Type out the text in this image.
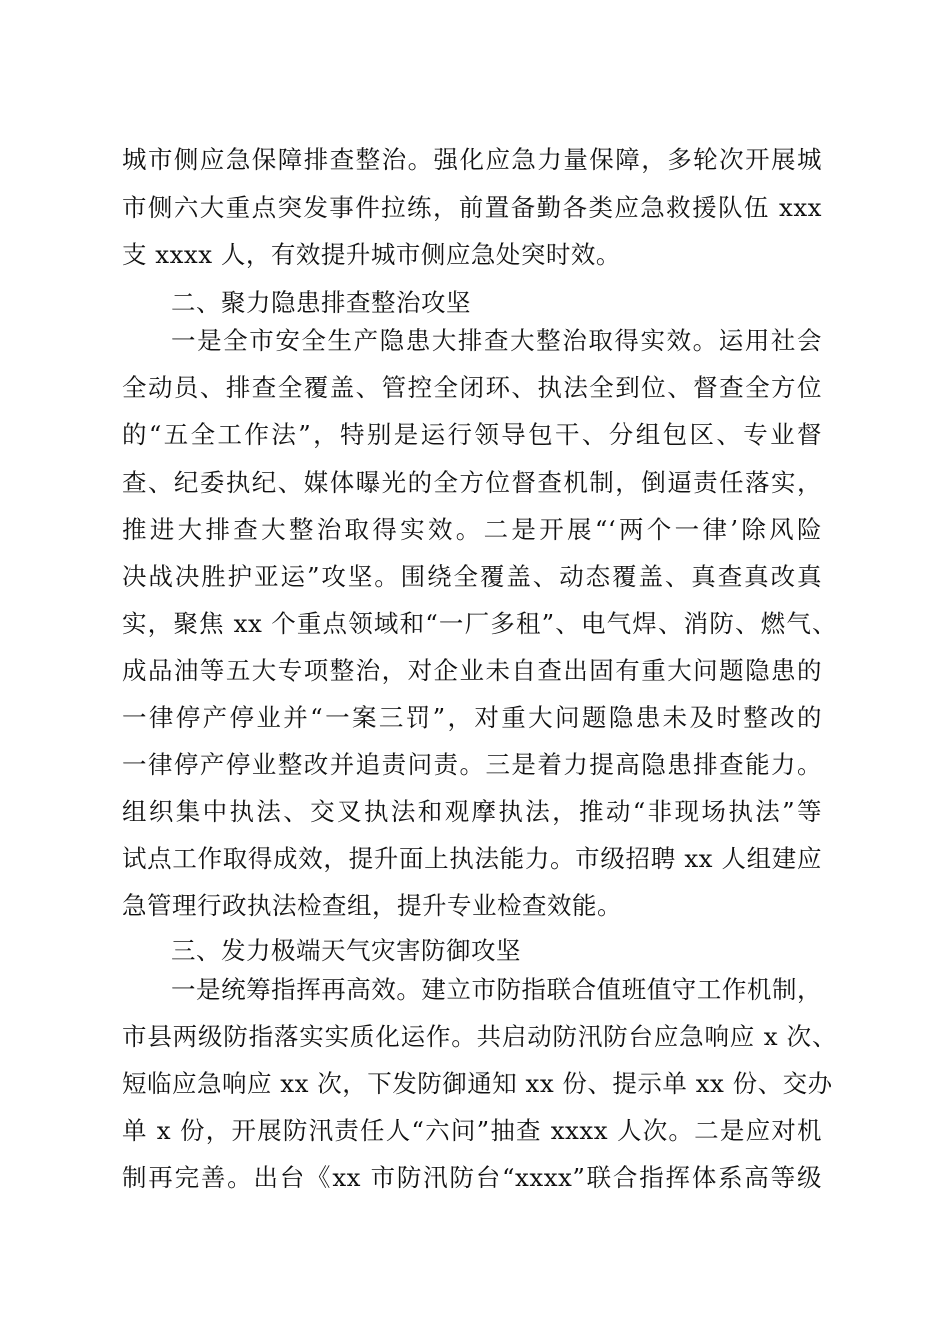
城市侧应急保障排查整治。强化应急力量保障，多轮次开展城
市侧六大重点突发事件拉练，前置备勤各类应急救援队伍 xxx
支 xxxx 人，有效提升城市侧应急处突时效。
二、聚力隐患排查整治攻坚
一是全市安全生产隐患大排查大整治取得实效。运用社会
全动员、排查全覆盖、管控全闭环、执法全到位、督查全方位
的“五全工作法”，特别是运行领导包干、分组包区、专业督
查、纪委执纪、媒体曝光的全方位督查机制，倒逼责任落实，
推进大排查大整治取得实效。二是开展“‘两个一律’除风险
决战决胜护亚运”攻坚。围绕全覆盖、动态覆盖、真查真改真
实，聚焦 xx 个重点领域和“一厂多租”、电气焊、消防、燃气、
成品油等五大专项整治，对企业未自查出固有重大问题隐患的
一律停产停业并“一案三罚”，对重大问题隐患未及时整改的
一律停产停业整改并追责问责。三是着力提高隐患排查能力。
组织集中执法、交叉执法和观摩执法，推动“非现场执法”等
试点工作取得成效，提升面上执法能力。市级招聘 xx 人组建应
急管理行政执法检查组，提升专业检查效能。
三、发力极端天气灾害防御攻坚
一是统筹指挥再高效。建立市防指联合值班值守工作机制，
市县两级防指落实实质化运作。共启动防汛防台应急响应 x 次、
短临应急响应 xx 次，下发防御通知 xx 份、提示单 xx 份、交办
单 x 份，开展防汛责任人“六问”抽查 xxxx 人次。二是应对机
制再完善。出台《xx 市防汛防台“xxxx”联合指挥体系高等级
